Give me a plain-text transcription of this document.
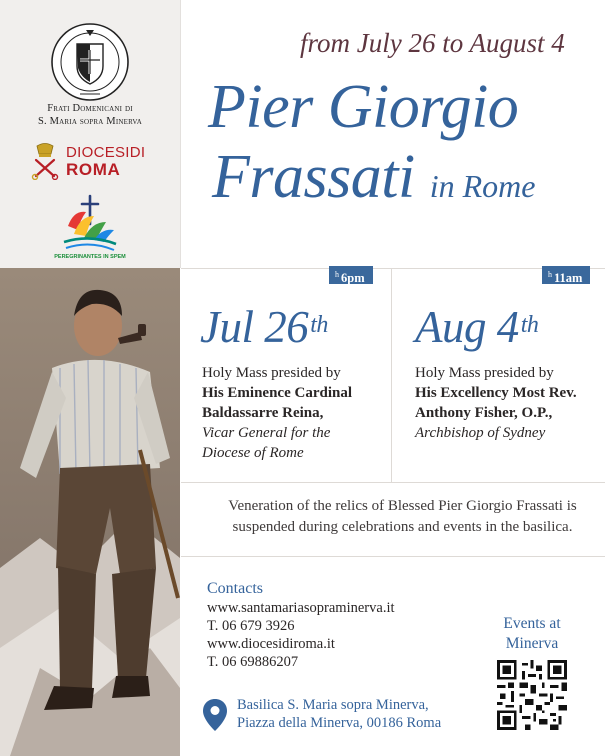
Frati Domenicani di
S. Maria sopra Minerva
DIOCESIDI
ROMA
PEREGRINANTES IN SPEM
from July 26 to August 4
Pier Giorgio
Frassati in Rome
$^h$ 6pm
Jul 26th
Holy Mass presided by
His Eminence Cardinal
Baldassarre Reina,
Vicar General for the
Diocese of Rome
$^h$ 11am
Aug 4th
Holy Mass presided by
His Excellency Most Rev.
Anthony Fisher, O.P.,
Archbishop of Sydney
Veneration of the relics of Blessed Pier Giorgio Frassati is
suspended during celebrations and events in the basilica.
Contacts
www.santamariasopraminerva.it
T. 06 679 3926
www.diocesidiroma.it
T. 06 69886207
Events at
Minerva
Basilica S. Maria sopra Minerva,
Piazza della Minerva, 00186 Roma
